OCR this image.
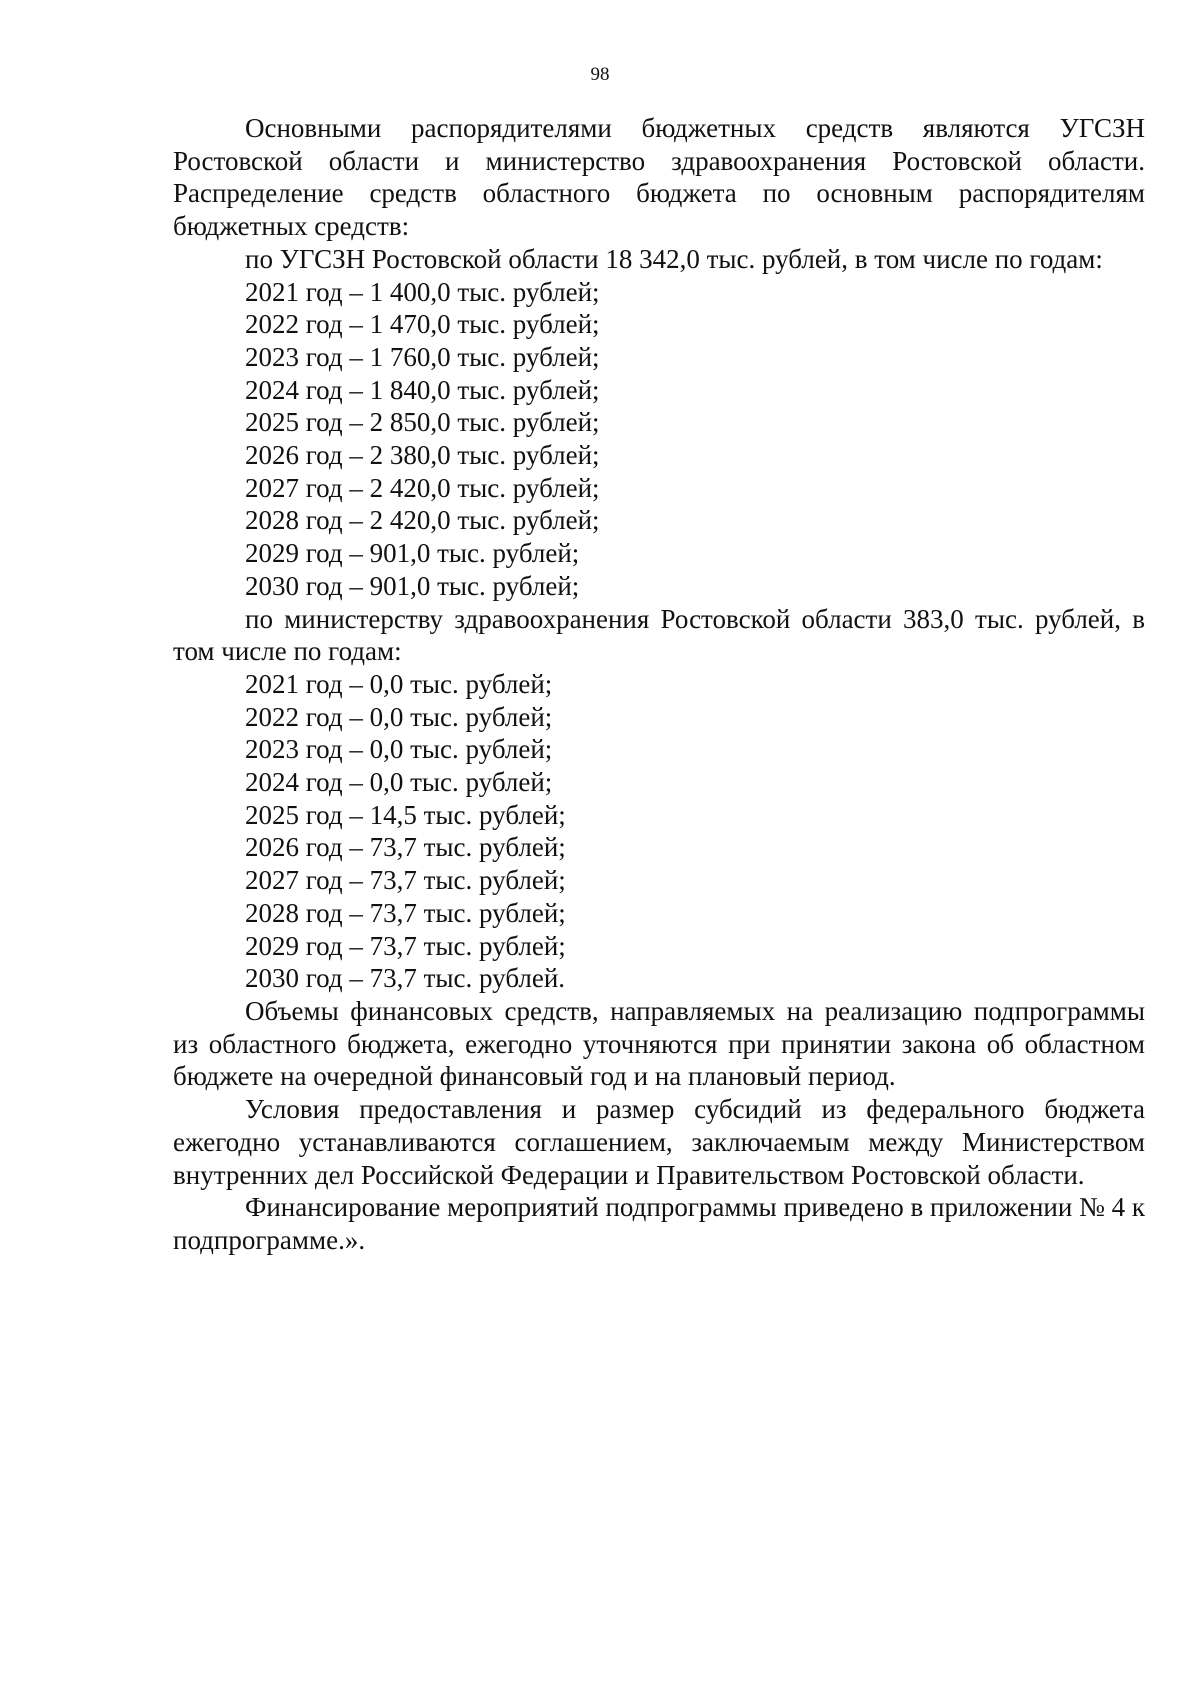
98

Основными распорядителями бюджетных средств являются УГСЗН Ростовской области и министерство здравоохранения Ростовской области. Распределение средств областного бюджета по основным распорядителям бюджетных средств:

по УГСЗН Ростовской области 18 342,0 тыс. рублей, в том числе по годам:

2021 год – 1 400,0 тыс. рублей;
2022 год – 1 470,0 тыс. рублей;
2023 год – 1 760,0 тыс. рублей;
2024 год – 1 840,0 тыс. рублей;
2025 год – 2 850,0 тыс. рублей;
2026 год – 2 380,0 тыс. рублей;
2027 год – 2 420,0 тыс. рублей;
2028 год – 2 420,0 тыс. рублей;
2029 год – 901,0 тыс. рублей;
2030 год – 901,0 тыс. рублей;

по министерству здравоохранения Ростовской области 383,0 тыс. рублей, в том числе по годам:

2021 год – 0,0 тыс. рублей;
2022 год – 0,0 тыс. рублей;
2023 год – 0,0 тыс. рублей;
2024 год – 0,0 тыс. рублей;
2025 год – 14,5 тыс. рублей;
2026 год – 73,7 тыс. рублей;
2027 год – 73,7 тыс. рублей;
2028 год – 73,7 тыс. рублей;
2029 год – 73,7 тыс. рублей;
2030 год – 73,7 тыс. рублей.

Объемы финансовых средств, направляемых на реализацию подпрограммы из областного бюджета, ежегодно уточняются при принятии закона об областном бюджете на очередной финансовый год и на плановый период.

Условия предоставления и размер субсидий из федерального бюджета ежегодно устанавливаются соглашением, заключаемым между Министерством внутренних дел Российской Федерации и Правительством Ростовской области.

Финансирование мероприятий подпрограммы приведено в приложении № 4 к подпрограмме.».
